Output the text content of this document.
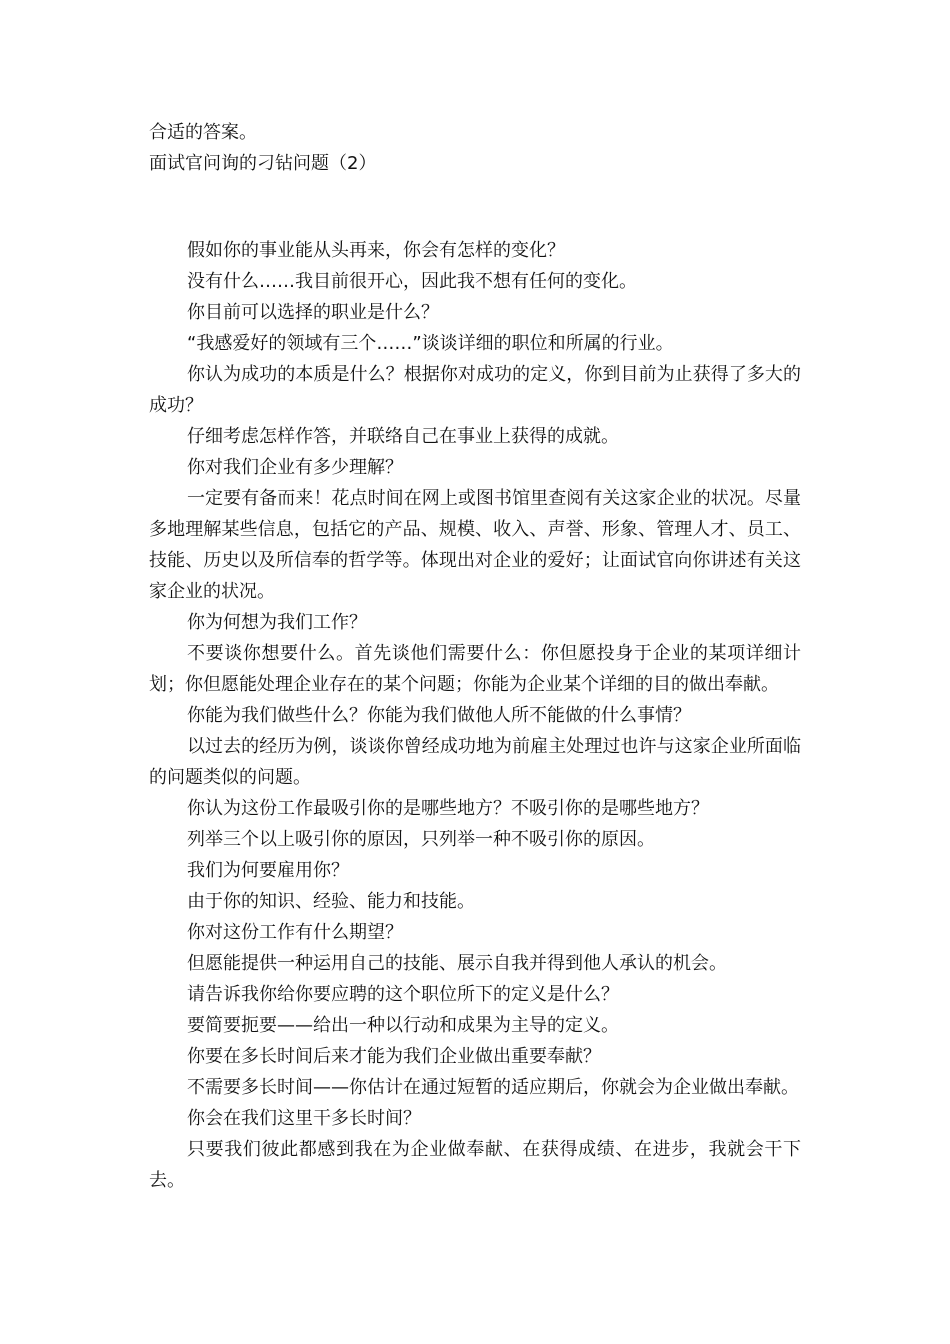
合适的答案。
面试官问询的刁钻问题（2）

假如你的事业能从头再来，你会有怎样的变化？

没有什么……我目前很开心，因此我不想有任何的变化。

你目前可以选择的职业是什么？

“我感爱好的领域有三个……”谈谈详细的职位和所属的行业。

你认为成功的本质是什么？根据你对成功的定义，你到目前为止获得了多大的成功？

仔细考虑怎样作答，并联络自己在事业上获得的成就。

你对我们企业有多少理解？

一定要有备而来！花点时间在网上或图书馆里查阅有关这家企业的状况。尽量多地理解某些信息，包括它的产品、规模、收入、声誉、形象、管理人才、员工、技能、历史以及所信奉的哲学等。体现出对企业的爱好；让面试官向你讲述有关这家企业的状况。

你为何想为我们工作？

不要谈你想要什么。首先谈他们需要什么：你但愿投身于企业的某项详细计划；你但愿能处理企业存在的某个问题；你能为企业某个详细的目的做出奉献。

你能为我们做些什么？你能为我们做他人所不能做的什么事情？

以过去的经历为例，谈谈你曾经成功地为前雇主处理过也许与这家企业所面临的问题类似的问题。

你认为这份工作最吸引你的是哪些地方？不吸引你的是哪些地方？

列举三个以上吸引你的原因，只列举一种不吸引你的原因。

我们为何要雇用你？

由于你的知识、经验、能力和技能。

你对这份工作有什么期望？

但愿能提供一种运用自己的技能、展示自我并得到他人承认的机会。

请告诉我你给你要应聘的这个职位所下的定义是什么？

要简要扼要——给出一种以行动和成果为主导的定义。

你要在多长时间后来才能为我们企业做出重要奉献？

不需要多长时间——你估计在通过短暂的适应期后，你就会为企业做出奉献。

你会在我们这里干多长时间？

只要我们彼此都感到我在为企业做奉献、在获得成绩、在进步，我就会干下去。
